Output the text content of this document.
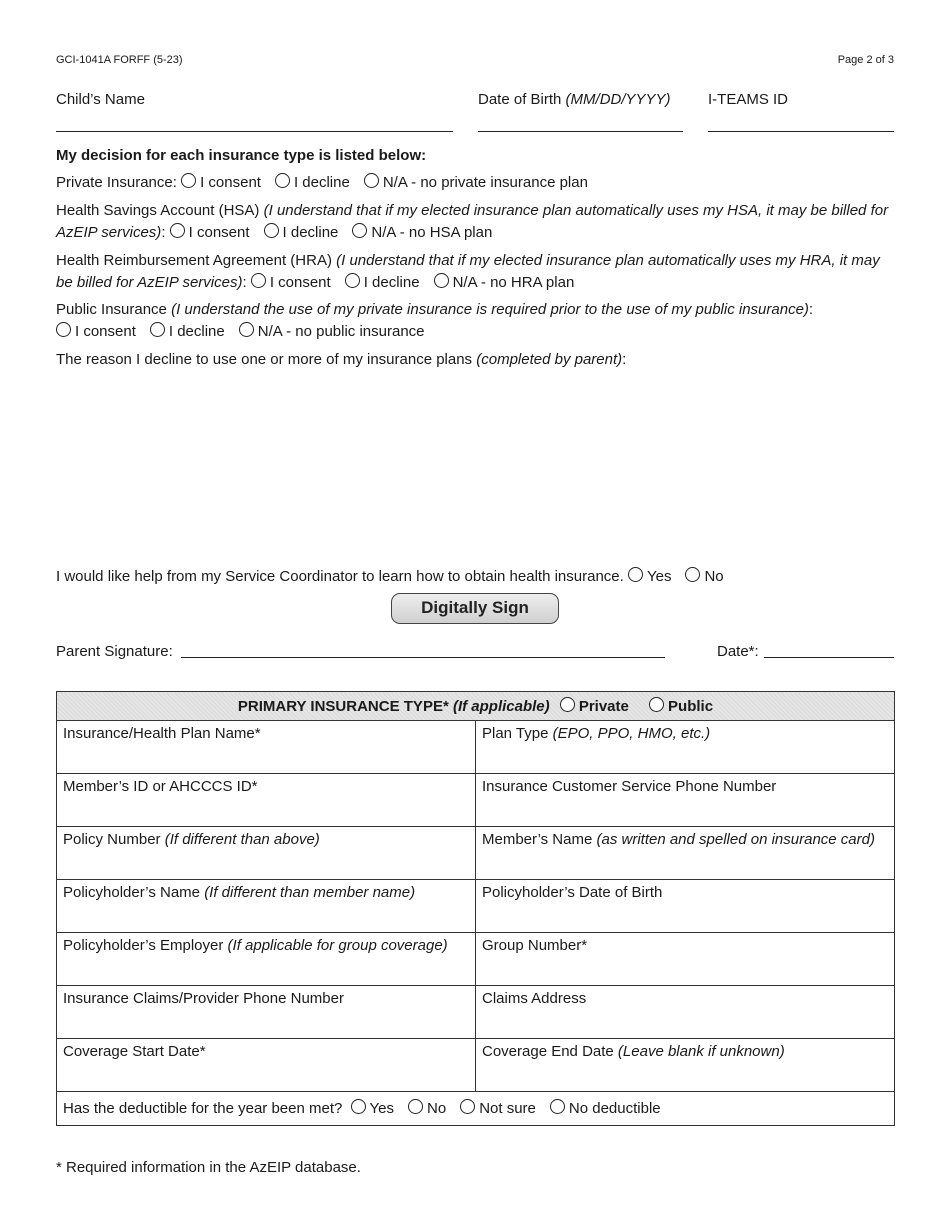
GCI-1041A FORFF (5-23)	Page 2 of 3
Child’s Name	Date of Birth (MM/DD/YYYY) I-TEAMS ID
My decision for each insurance type is listed below:
Private Insurance: I consent I decline N/A - no private insurance plan
Health Savings Account (HSA) (I understand that if my elected insurance plan automatically uses my HSA, it may be billed for AzEIP services): I consent I decline N/A - no HSA plan
Health Reimbursement Agreement (HRA) (I understand that if my elected insurance plan automatically uses my HRA, it may be billed for AzEIP services): I consent I decline N/A - no HRA plan
Public Insurance (I understand the use of my private insurance is required prior to the use of my public insurance):
I consent I decline N/A - no public insurance
The reason I decline to use one or more of my insurance plans (completed by parent):
I would like help from my Service Coordinator to learn how to obtain health insurance. Yes No
Digitally Sign
Parent Signature:	Date*:
PRIMARY INSURANCE TYPE* (If applicable) Private Public	
Insurance/Health Plan Name*	Plan Type (EPO, PPO, HMO, etc.)
Member’s ID or AHCCCS ID*	Insurance Customer Service Phone Number
Policy Number (If different than above)	Member’s Name (as written and spelled on insurance card)
Policyholder’s Name (If different than member name)	Policyholder’s Date of Birth
Policyholder’s Employer (If applicable for group coverage)	Group Number*
Insurance Claims/Provider Phone Number	Claims Address
Coverage Start Date*	Coverage End Date (Leave blank if unknown)
Has the deductible for the year been met? Yes No Not sure No deductible	
* Required information in the AzEIP database.
